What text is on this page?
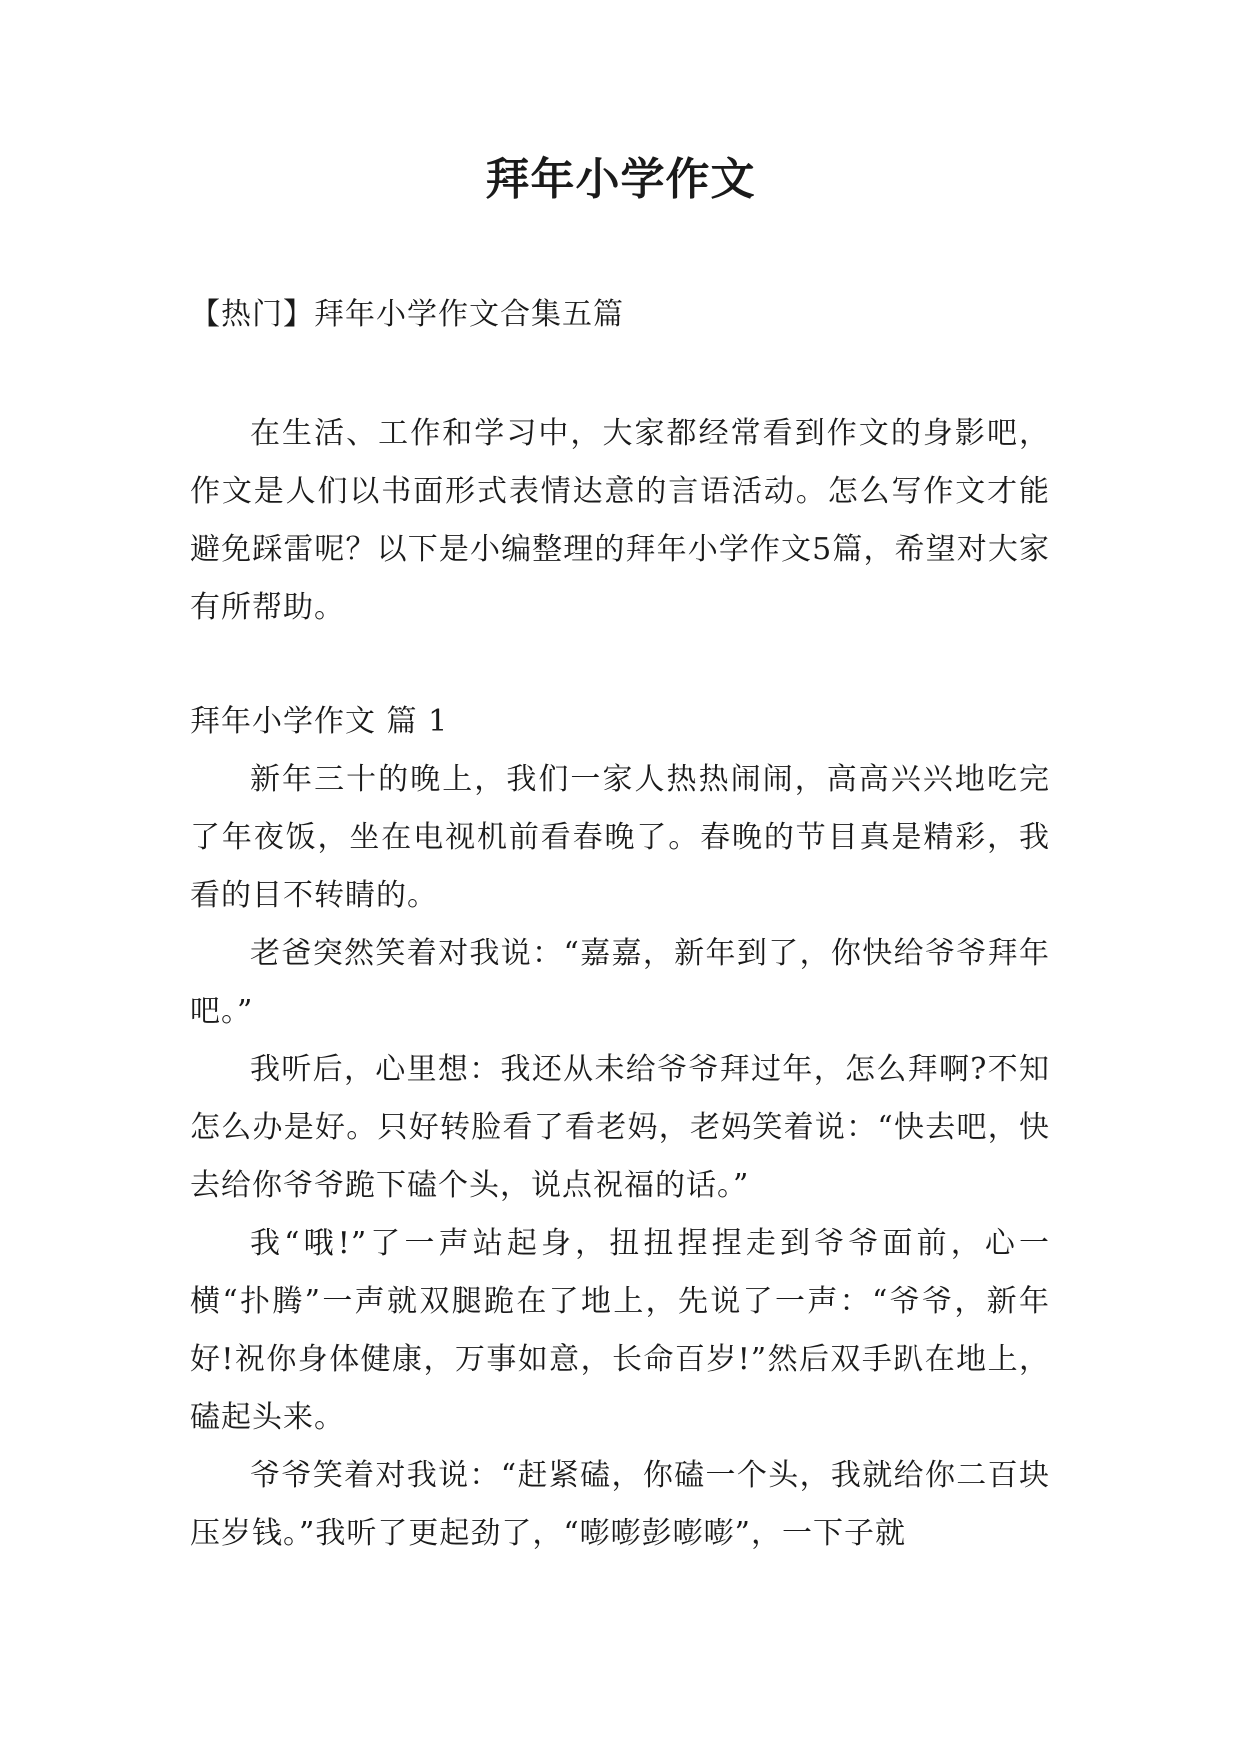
拜年小学作文

【热门】拜年小学作文合集五篇

在生活、工作和学习中，大家都经常看到作文的身影吧，作文是人们以书面形式表情达意的言语活动。怎么写作文才能避免踩雷呢？以下是小编整理的拜年小学作文5篇，希望对大家有所帮助。

拜年小学作文 篇 1

新年三十的晚上，我们一家人热热闹闹，高高兴兴地吃完了年夜饭，坐在电视机前看春晚了。春晚的节目真是精彩，我看的目不转睛的。

老爸突然笑着对我说：“嘉嘉，新年到了，你快给爷爷拜年吧。”

我听后，心里想：我还从未给爷爷拜过年，怎么拜啊?不知怎么办是好。只好转脸看了看老妈，老妈笑着说：“快去吧，快去给你爷爷跪下磕个头，说点祝福的话。”

我“哦!”了一声站起身，扭扭捏捏走到爷爷面前，心一横“扑腾”一声就双腿跪在了地上，先说了一声：“爷爷，新年好!祝你身体健康，万事如意，长命百岁!”然后双手趴在地上，磕起头来。

爷爷笑着对我说：“赶紧磕，你磕一个头，我就给你二百块压岁钱。”我听了更起劲了，“嘭嘭彭嘭嘭”，一下子就
